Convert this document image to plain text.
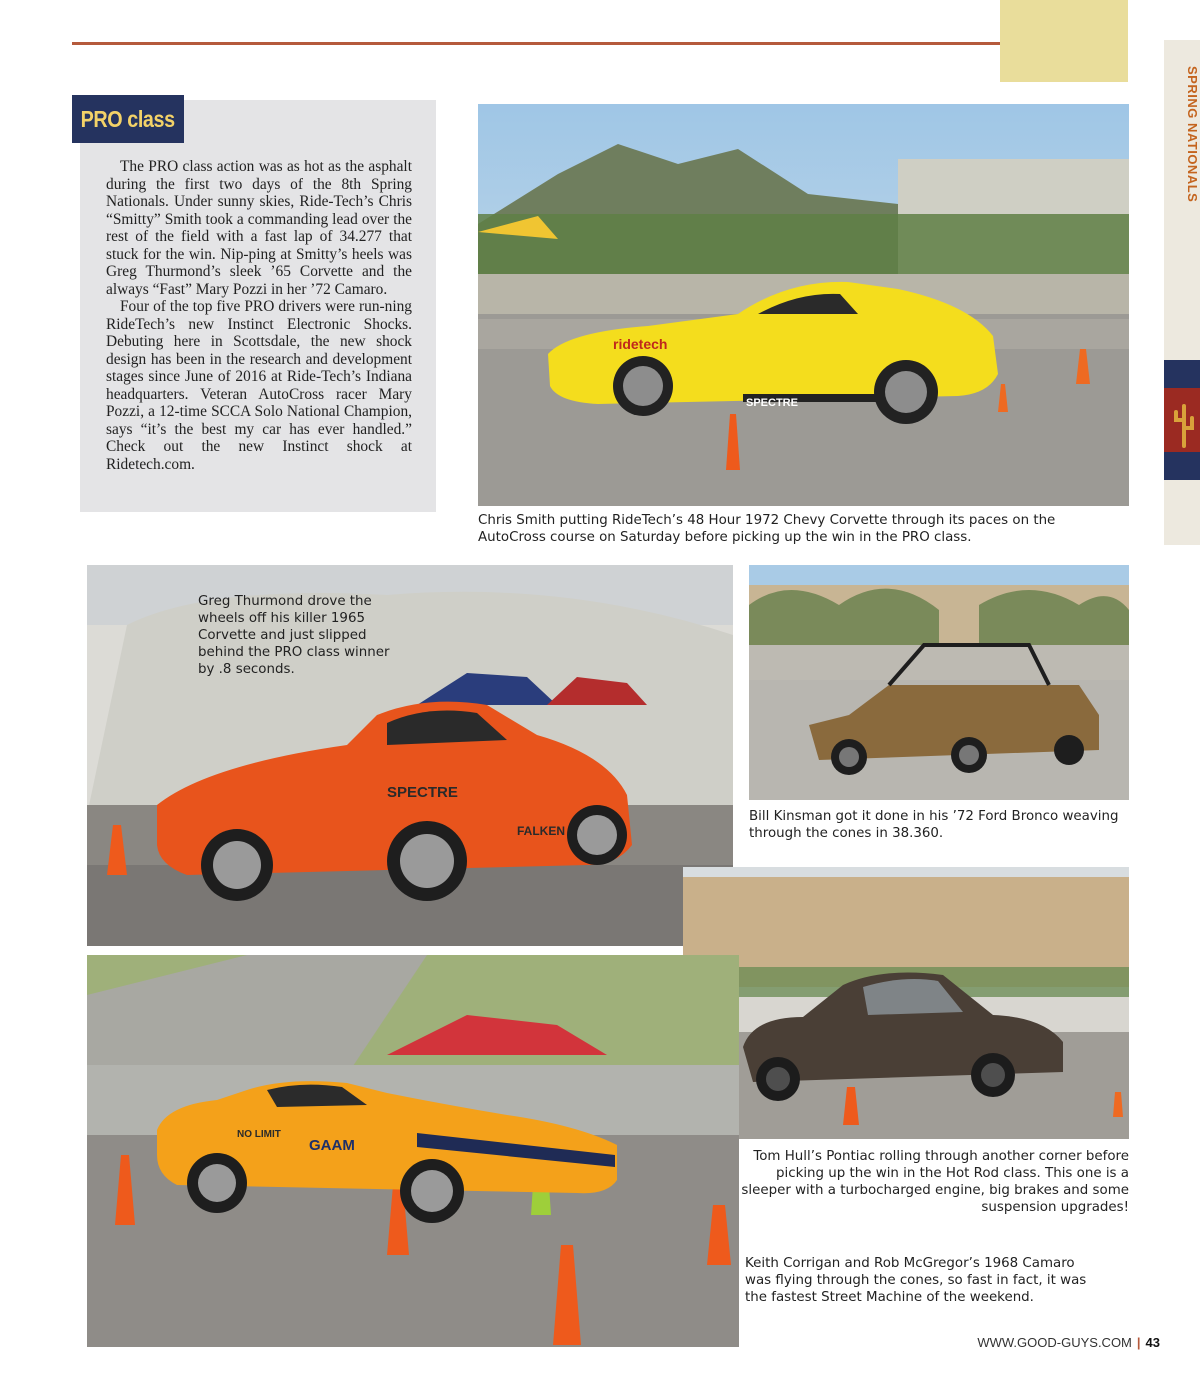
SPRING NATIONALS
PRO class

The PRO class action was as hot as the asphalt during the first two days of the 8th Spring Nationals. Under sunny skies, Ride-Tech’s Chris “Smitty” Smith took a commanding lead over the rest of the field with a fast lap of 34.277 that stuck for the win. Nip-ping at Smitty’s heels was Greg Thurmond’s sleek ’65 Corvette and the always “Fast” Mary Pozzi in her ’72 Camaro.

Four of the top five PRO drivers were run-ning RideTech’s new Instinct Electronic Shocks. Debuting here in Scottsdale, the new shock design has been in the research and development stages since June of 2016 at Ride-Tech’s Indiana headquarters. Veteran AutoCross racer Mary Pozzi, a 12-time SCCA Solo National Champion, says “it’s the best my car has ever handled.” Check out the new Instinct shock at Ridetech.com.

ridetech
SPECTRE
Chris Smith putting RideTech’s 48 Hour 1972 Chevy Corvette through its paces on the AutoCross course on Saturday before picking up the win in the PRO class.
SPECTRE
FALKEN
Greg Thurmond drove the wheels off his killer 1965 Corvette and just slipped behind the PRO class winner by .8 seconds.
Bill Kinsman got it done in his ’72 Ford Bronco weaving through the cones in 38.360.
Tom Hull’s Pontiac rolling through another corner before picking up the win in the Hot Rod class. This one is a sleeper with a turbocharged engine, big brakes and some suspension upgrades!
GAAM
NO LIMIT
Keith Corrigan and Rob McGregor’s 1968 Camaro was flying through the cones, so fast in fact, it was the fastest Street Machine of the weekend.
WWW.GOOD-GUYS.COM | 43
